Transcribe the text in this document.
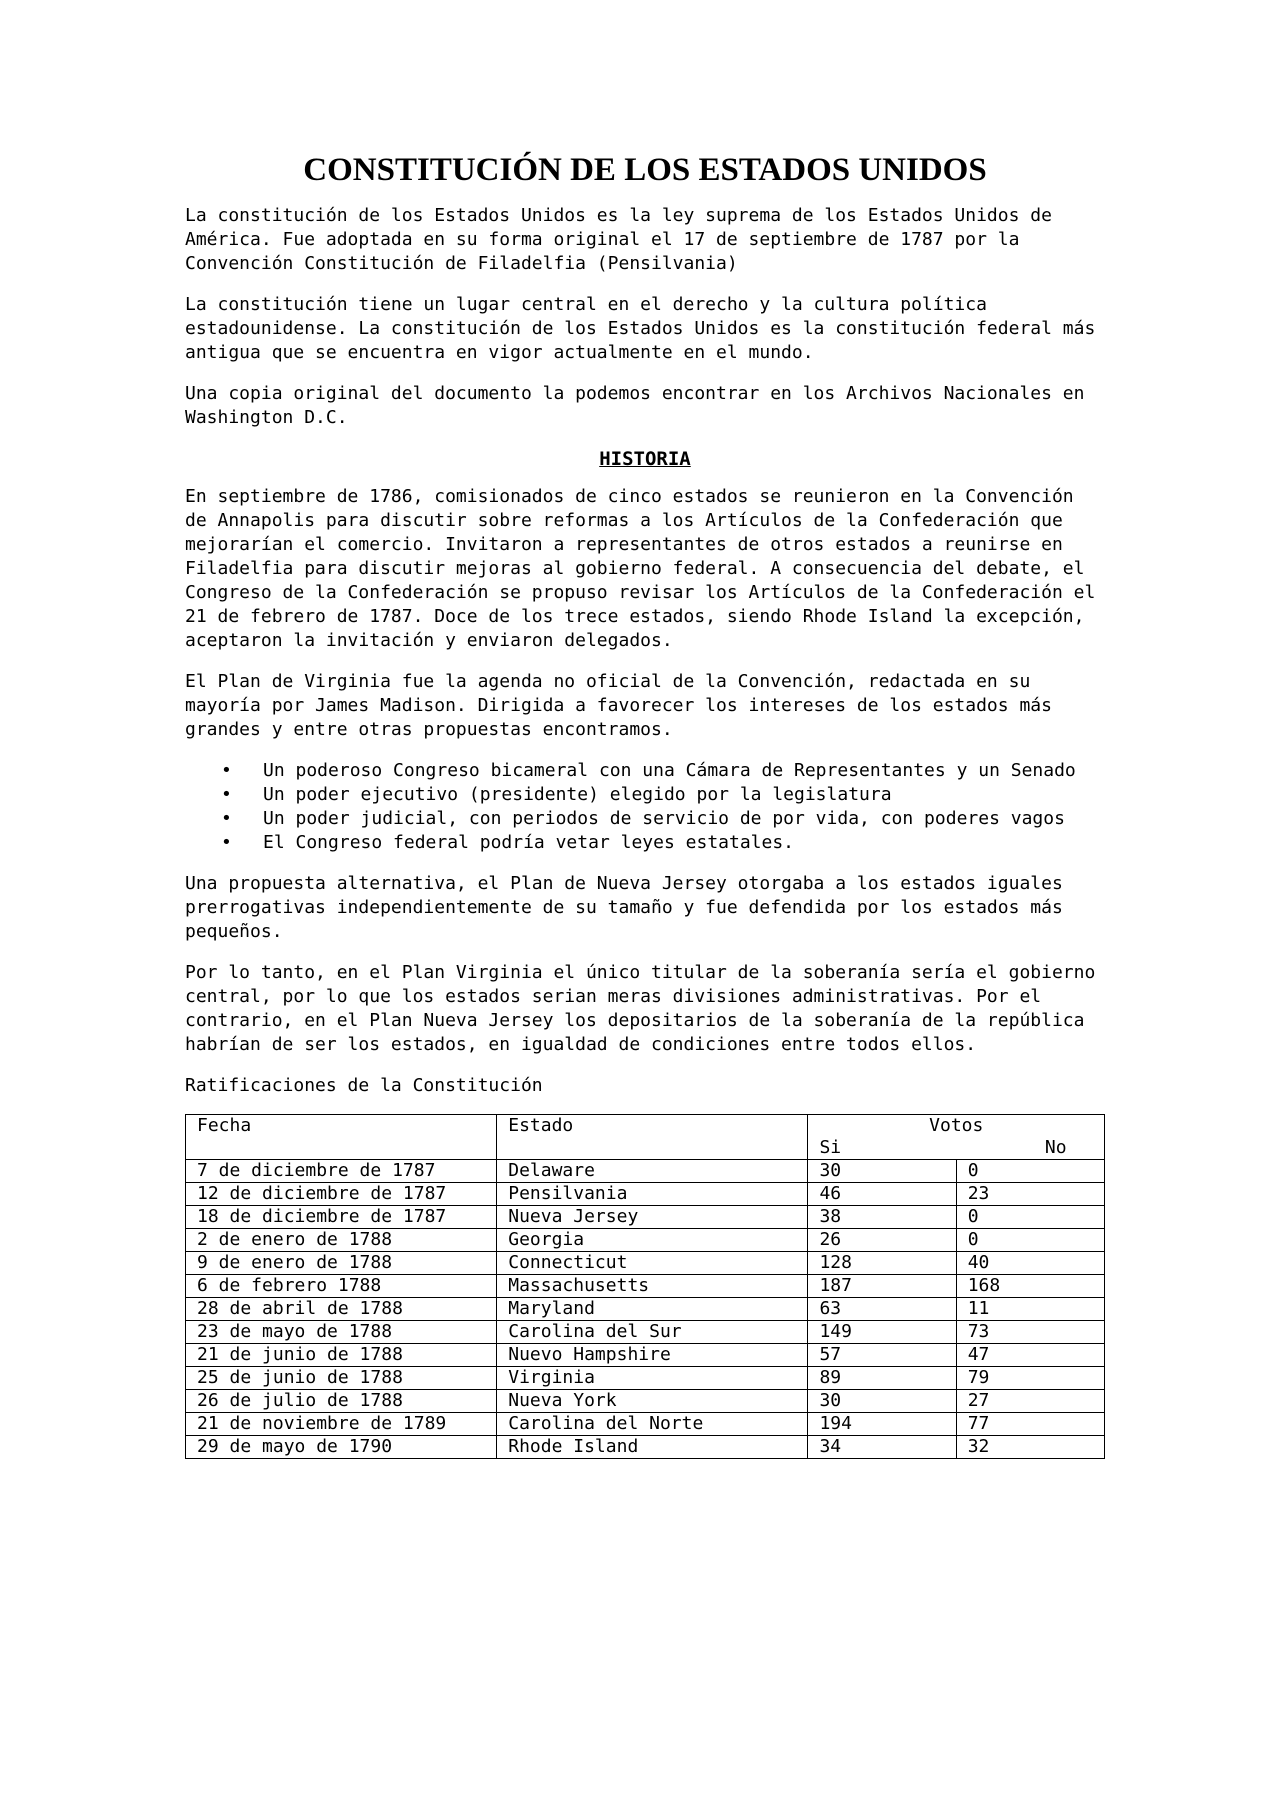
CONSTITUCIÓN DE LOS ESTADOS UNIDOS

La constitución de los Estados Unidos es la ley suprema de los Estados Unidos de América. Fue adoptada en su forma original el 17 de septiembre de 1787 por la Convención Constitución de Filadelfia (Pensilvania)

La constitución tiene un lugar central en el derecho y la cultura política estadounidense. La constitución de los Estados Unidos es la constitución federal más antigua que se encuentra en vigor actualmente en el mundo.

Una copia original del documento la podemos encontrar en los Archivos Nacionales en Washington D.C.

HISTORIA

En septiembre de 1786, comisionados de cinco estados se reunieron en la Convención de Annapolis para discutir sobre reformas a los Artículos de la Confederación que mejorarían el comercio. Invitaron a representantes de otros estados a reunirse en Filadelfia para discutir mejoras al gobierno federal. A consecuencia del debate, el Congreso de la Confederación se propuso revisar los Artículos de la Confederación el 21 de febrero de 1787. Doce de los trece estados, siendo Rhode Island la excepción, aceptaron la invitación y enviaron delegados.

El Plan de Virginia fue la agenda no oficial de la Convención, redactada en su mayoría por James Madison. Dirigida a favorecer los intereses de los estados más grandes y entre otras propuestas encontramos.

• Un poderoso Congreso bicameral con una Cámara de Representantes y un Senado
• Un poder ejecutivo (presidente) elegido por la legislatura
• Un poder judicial, con periodos de servicio de por vida, con poderes vagos
• El Congreso federal podría vetar leyes estatales.

Una propuesta alternativa, el Plan de Nueva Jersey otorgaba a los estados iguales prerrogativas independientemente de su tamaño y fue defendida por los estados más pequeños.

Por lo tanto, en el Plan Virginia el único titular de la soberanía sería el gobierno central, por lo que los estados serian meras divisiones administrativas. Por el contrario, en el Plan Nueva Jersey los depositarios de la soberanía de la república habrían de ser los estados, en igualdad de condiciones entre todos ellos.

Ratificaciones de la Constitución

Fecha	Estado	Votos
Si No	

7 de diciembre de 1787	Delaware	30	0
12 de diciembre de 1787	Pensilvania	46	23
18 de diciembre de 1787	Nueva Jersey	38	0
2 de enero de 1788	Georgia	26	0
9 de enero de 1788	Connecticut	128	40
6 de febrero 1788	Massachusetts	187	168
28 de abril de 1788	Maryland	63	11
23 de mayo de 1788	Carolina del Sur	149	73
21 de junio de 1788	Nuevo Hampshire	57	47
25 de junio de 1788	Virginia	89	79
26 de julio de 1788	Nueva York	30	27
21 de noviembre de 1789	Carolina del Norte	194	77
29 de mayo de 1790	Rhode Island	34	32
